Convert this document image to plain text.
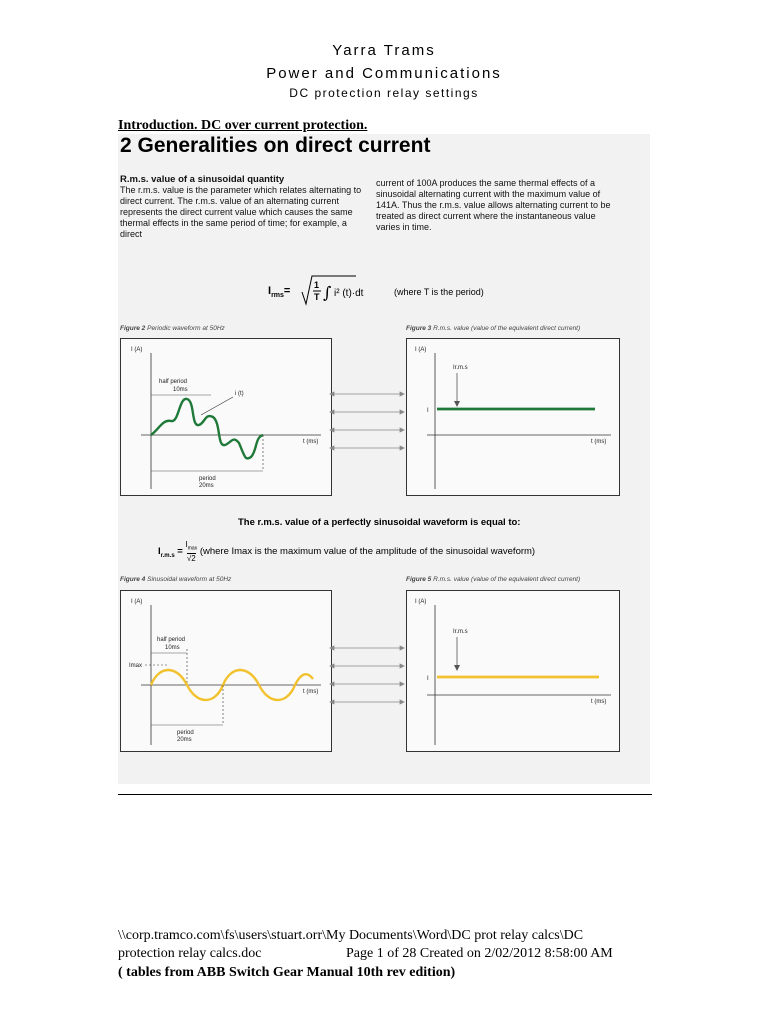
Yarra Trams
Power and Communications
DC protection relay settings
Introduction. DC over current protection.
2 Generalities on direct current
R.m.s. value of a sinusoidal quantity
The r.m.s. value is the parameter which relates alternating to direct current. The r.m.s. value of an alternating current represents the direct current value which causes the same thermal effects in the same period of time; for example, a direct
current of 100A produces the same thermal effects of a sinusoidal alternating current with the maximum value of 141A. Thus the r.m.s. value allows alternating current to be treated as direct current where the instantaneous value varies in time.
$I_{rms}=$	1
T ∫ i² (t)·dt	(where T is the period)
Figure 2 Periodic waveform at 50Hz	Figure 3 R.m.s. value (value of the equivalent direct current)
I (A)
t (ms)
half period
10ms
i (t)
period
20ms
I (A)
t (ms)
Ir.m.s
I
The r.m.s. value of a perfectly sinusoidal waveform is equal to:
$I_{r.m.s} = I_{max}$
√2 (where Imax is the maximum value of the amplitude of the sinusoidal waveform)
Figure 4 Sinusoidal waveform at 50Hz	Figure 5 R.m.s. value (value of the equivalent direct current)
I (A)
t (ms)
half period
10ms
Imax
period
20ms
I (A)
t (ms)
Ir.m.s
I
\\corp.tramco.com\fs\users\stuart.orr\My Documents\Word\DC prot relay calcs\DC
protection relay calcs.doc	Page 1 of 28 Created on 2/02/2012 8:58:00 AM
( tables from ABB Switch Gear Manual 10th rev edition)
